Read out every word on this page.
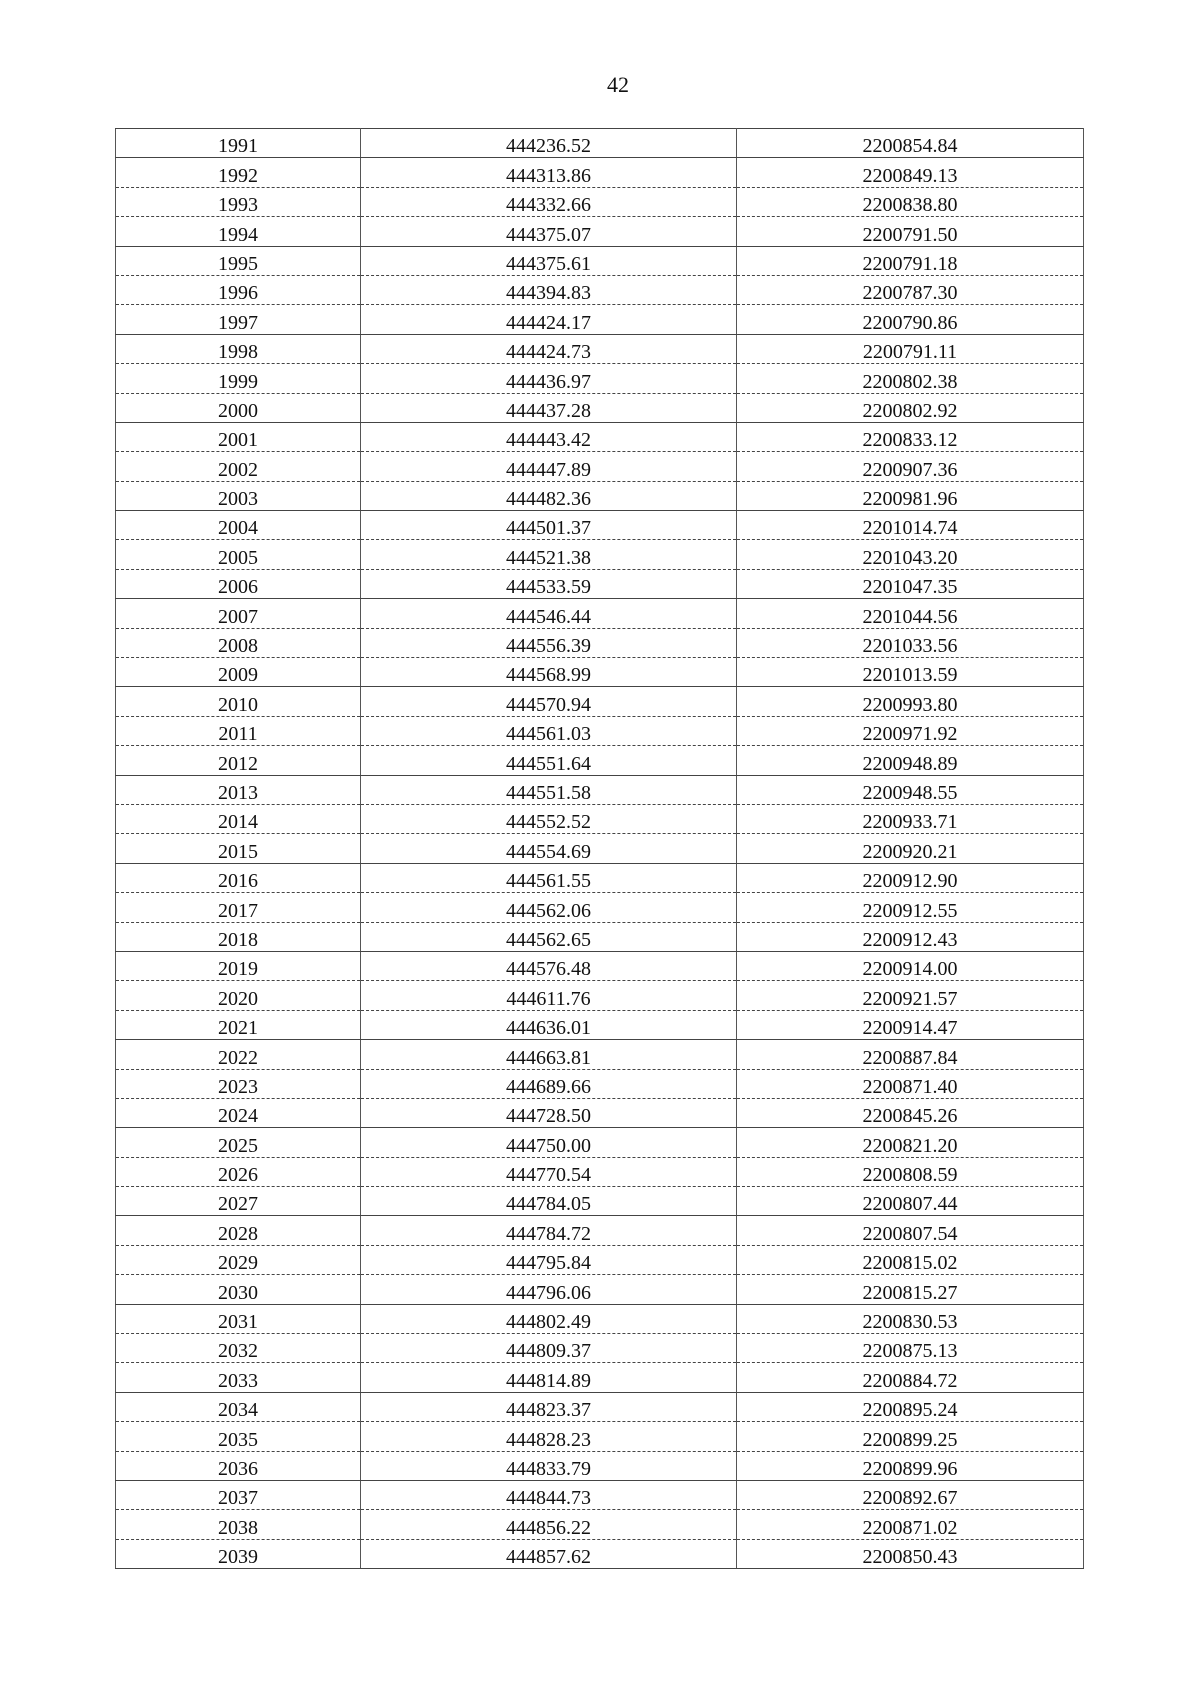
42
1991	444236.52	2200854.84
1992	444313.86	2200849.13
1993	444332.66	2200838.80
1994	444375.07	2200791.50
1995	444375.61	2200791.18
1996	444394.83	2200787.30
1997	444424.17	2200790.86
1998	444424.73	2200791.11
1999	444436.97	2200802.38
2000	444437.28	2200802.92
2001	444443.42	2200833.12
2002	444447.89	2200907.36
2003	444482.36	2200981.96
2004	444501.37	2201014.74
2005	444521.38	2201043.20
2006	444533.59	2201047.35
2007	444546.44	2201044.56
2008	444556.39	2201033.56
2009	444568.99	2201013.59
2010	444570.94	2200993.80
2011	444561.03	2200971.92
2012	444551.64	2200948.89
2013	444551.58	2200948.55
2014	444552.52	2200933.71
2015	444554.69	2200920.21
2016	444561.55	2200912.90
2017	444562.06	2200912.55
2018	444562.65	2200912.43
2019	444576.48	2200914.00
2020	444611.76	2200921.57
2021	444636.01	2200914.47
2022	444663.81	2200887.84
2023	444689.66	2200871.40
2024	444728.50	2200845.26
2025	444750.00	2200821.20
2026	444770.54	2200808.59
2027	444784.05	2200807.44
2028	444784.72	2200807.54
2029	444795.84	2200815.02
2030	444796.06	2200815.27
2031	444802.49	2200830.53
2032	444809.37	2200875.13
2033	444814.89	2200884.72
2034	444823.37	2200895.24
2035	444828.23	2200899.25
2036	444833.79	2200899.96
2037	444844.73	2200892.67
2038	444856.22	2200871.02
2039	444857.62	2200850.43
